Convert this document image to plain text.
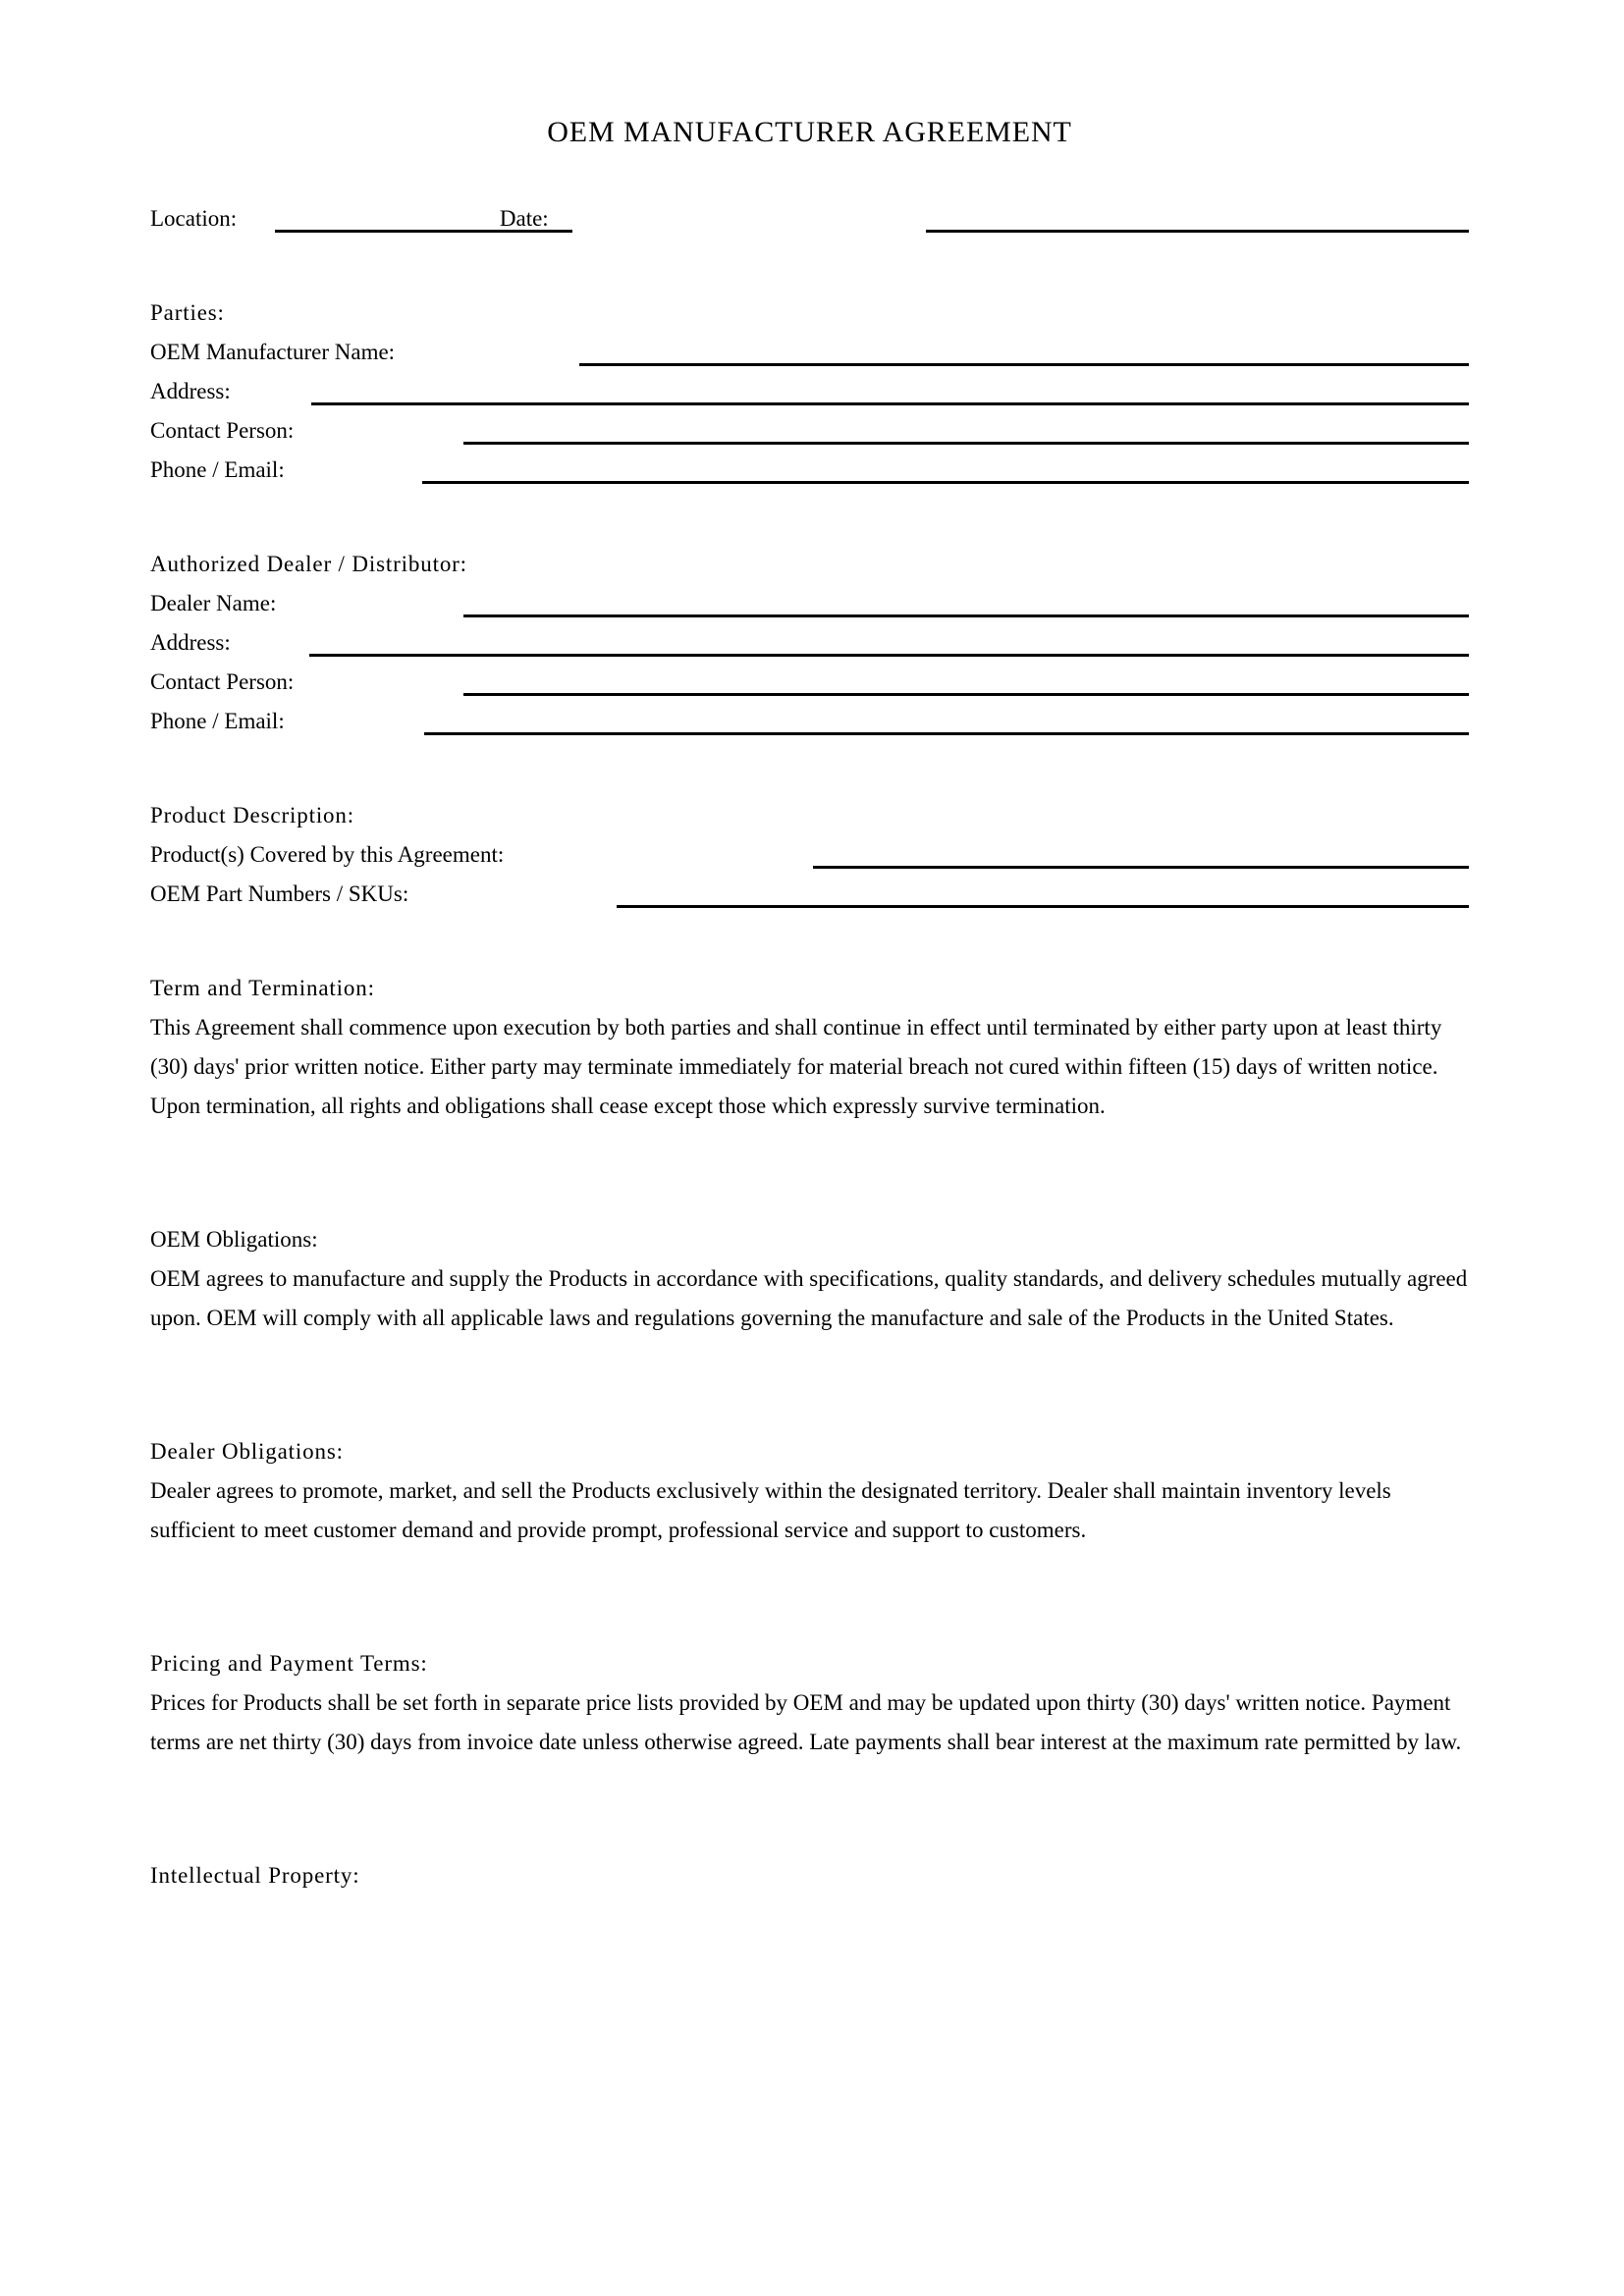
OEM MANUFACTURER AGREEMENT
Location:	Date:
Parties:
OEM Manufacturer Name:
Address:
Contact Person:
Phone / Email:
Authorized Dealer / Distributor:
Dealer Name:
Address:
Contact Person:
Phone / Email:
Product Description:
Product(s) Covered by this Agreement:
OEM Part Numbers / SKUs:
Term and Termination:

This Agreement shall commence upon execution by both parties and shall continue in effect until terminated by either party upon at least thirty (30) days' prior written notice. Either party may terminate immediately for material breach not cured within fifteen (15) days of written notice. Upon termination, all rights and obligations shall cease except those which expressly survive termination.

OEM Obligations:

OEM agrees to manufacture and supply the Products in accordance with specifications, quality standards, and delivery schedules mutually agreed upon. OEM will comply with all applicable laws and regulations governing the manufacture and sale of the Products in the United States.

Dealer Obligations:

Dealer agrees to promote, market, and sell the Products exclusively within the designated territory. Dealer shall maintain inventory levels sufficient to meet customer demand and provide prompt, professional service and support to customers.

Pricing and Payment Terms:

Prices for Products shall be set forth in separate price lists provided by OEM and may be updated upon thirty (30) days' written notice. Payment terms are net thirty (30) days from invoice date unless otherwise agreed. Late payments shall bear interest at the maximum rate permitted by law.

Intellectual Property:
